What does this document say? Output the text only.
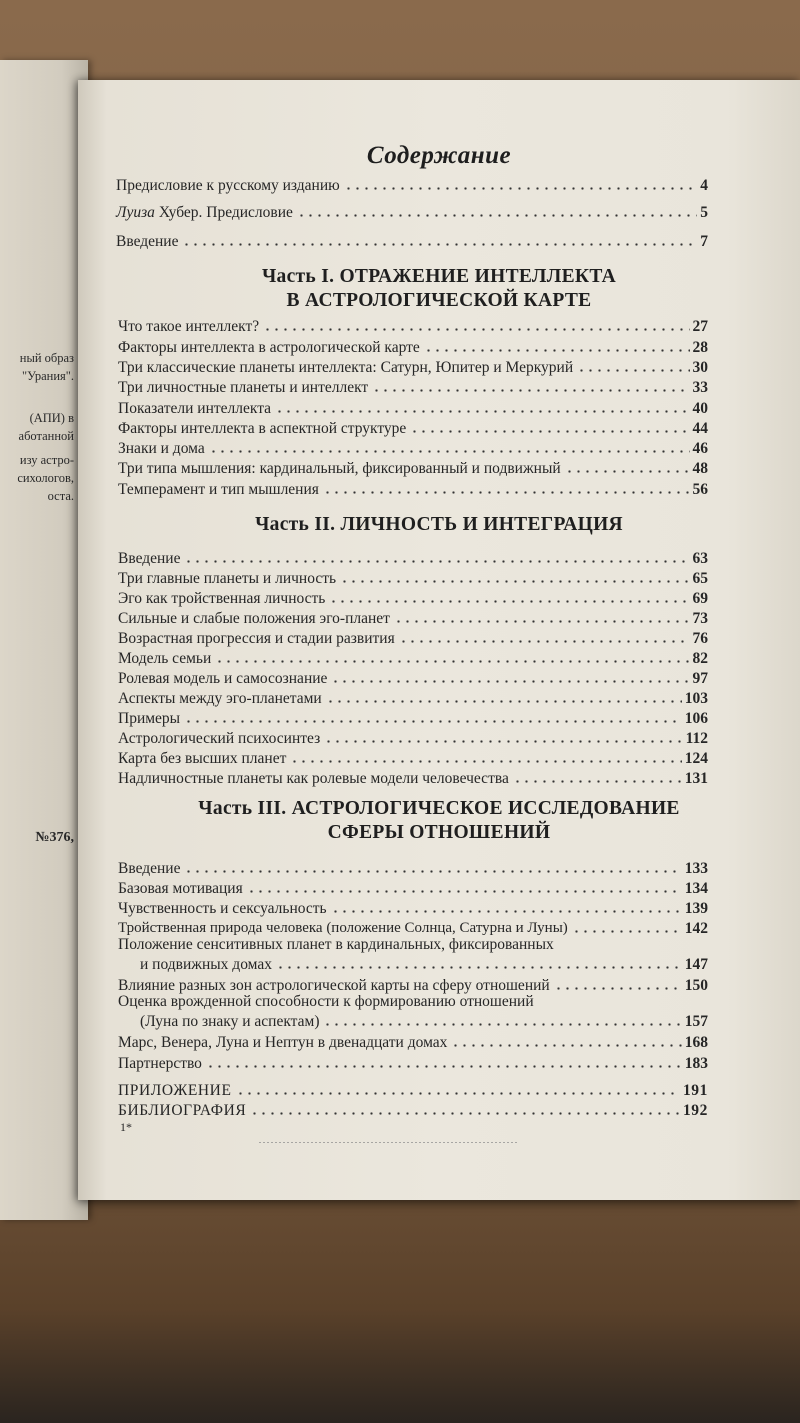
ный образ
"Урания".
(АПИ) в
аботанной
изу астро-
сихологов,
оста.
№376,
Содержание
Предисловие к русскому изданию	4
Луиза Хубер. Предисловие	5
Введение	7
Часть I. ОТРАЖЕНИЕ ИНТЕЛЛЕКТА
В АСТРОЛОГИЧЕСКОЙ КАРТЕ
Что такое интеллект?	27
Факторы интеллекта в астрологической карте	28
Три классические планеты интеллекта: Сатурн, Юпитер и Меркурий	30
Три личностные планеты и интеллект	33
Показатели интеллекта	40
Факторы интеллекта в аспектной структуре	44
Знаки и дома	46
Три типа мышления: кардинальный, фиксированный и подвижный	48
Темперамент и тип мышления	56
Часть II. ЛИЧНОСТЬ И ИНТЕГРАЦИЯ
Введение	63
Три главные планеты и личность	65
Эго как тройственная личность	69
Сильные и слабые положения эго-планет	73
Возрастная прогрессия и стадии развития	76
Модель семьи	82
Ролевая модель и самосознание	97
Аспекты между эго-планетами	103
Примеры	106
Астрологический психосинтез	112
Карта без высших планет	124
Надличностные планеты как ролевые модели человечества	131
Часть III. АСТРОЛОГИЧЕСКОЕ ИССЛЕДОВАНИЕ
СФЕРЫ ОТНОШЕНИЙ
Введение	133
Базовая мотивация	134
Чувственность и сексуальность	139
Тройственная природа человека (положение Солнца, Сатурна и Луны)	142
Положение сенситивных планет в кардинальных, фиксированных
и подвижных домах	147
Влияние разных зон астрологической карты на сферу отношений	150
Оценка врожденной способности к формированию отношений
(Луна по знаку и аспектам)	157
Марс, Венера, Луна и Нептун в двенадцати домах	168
Партнерство	183
ПРИЛОЖЕНИЕ	191
БИБЛИОГРАФИЯ	192
1*
